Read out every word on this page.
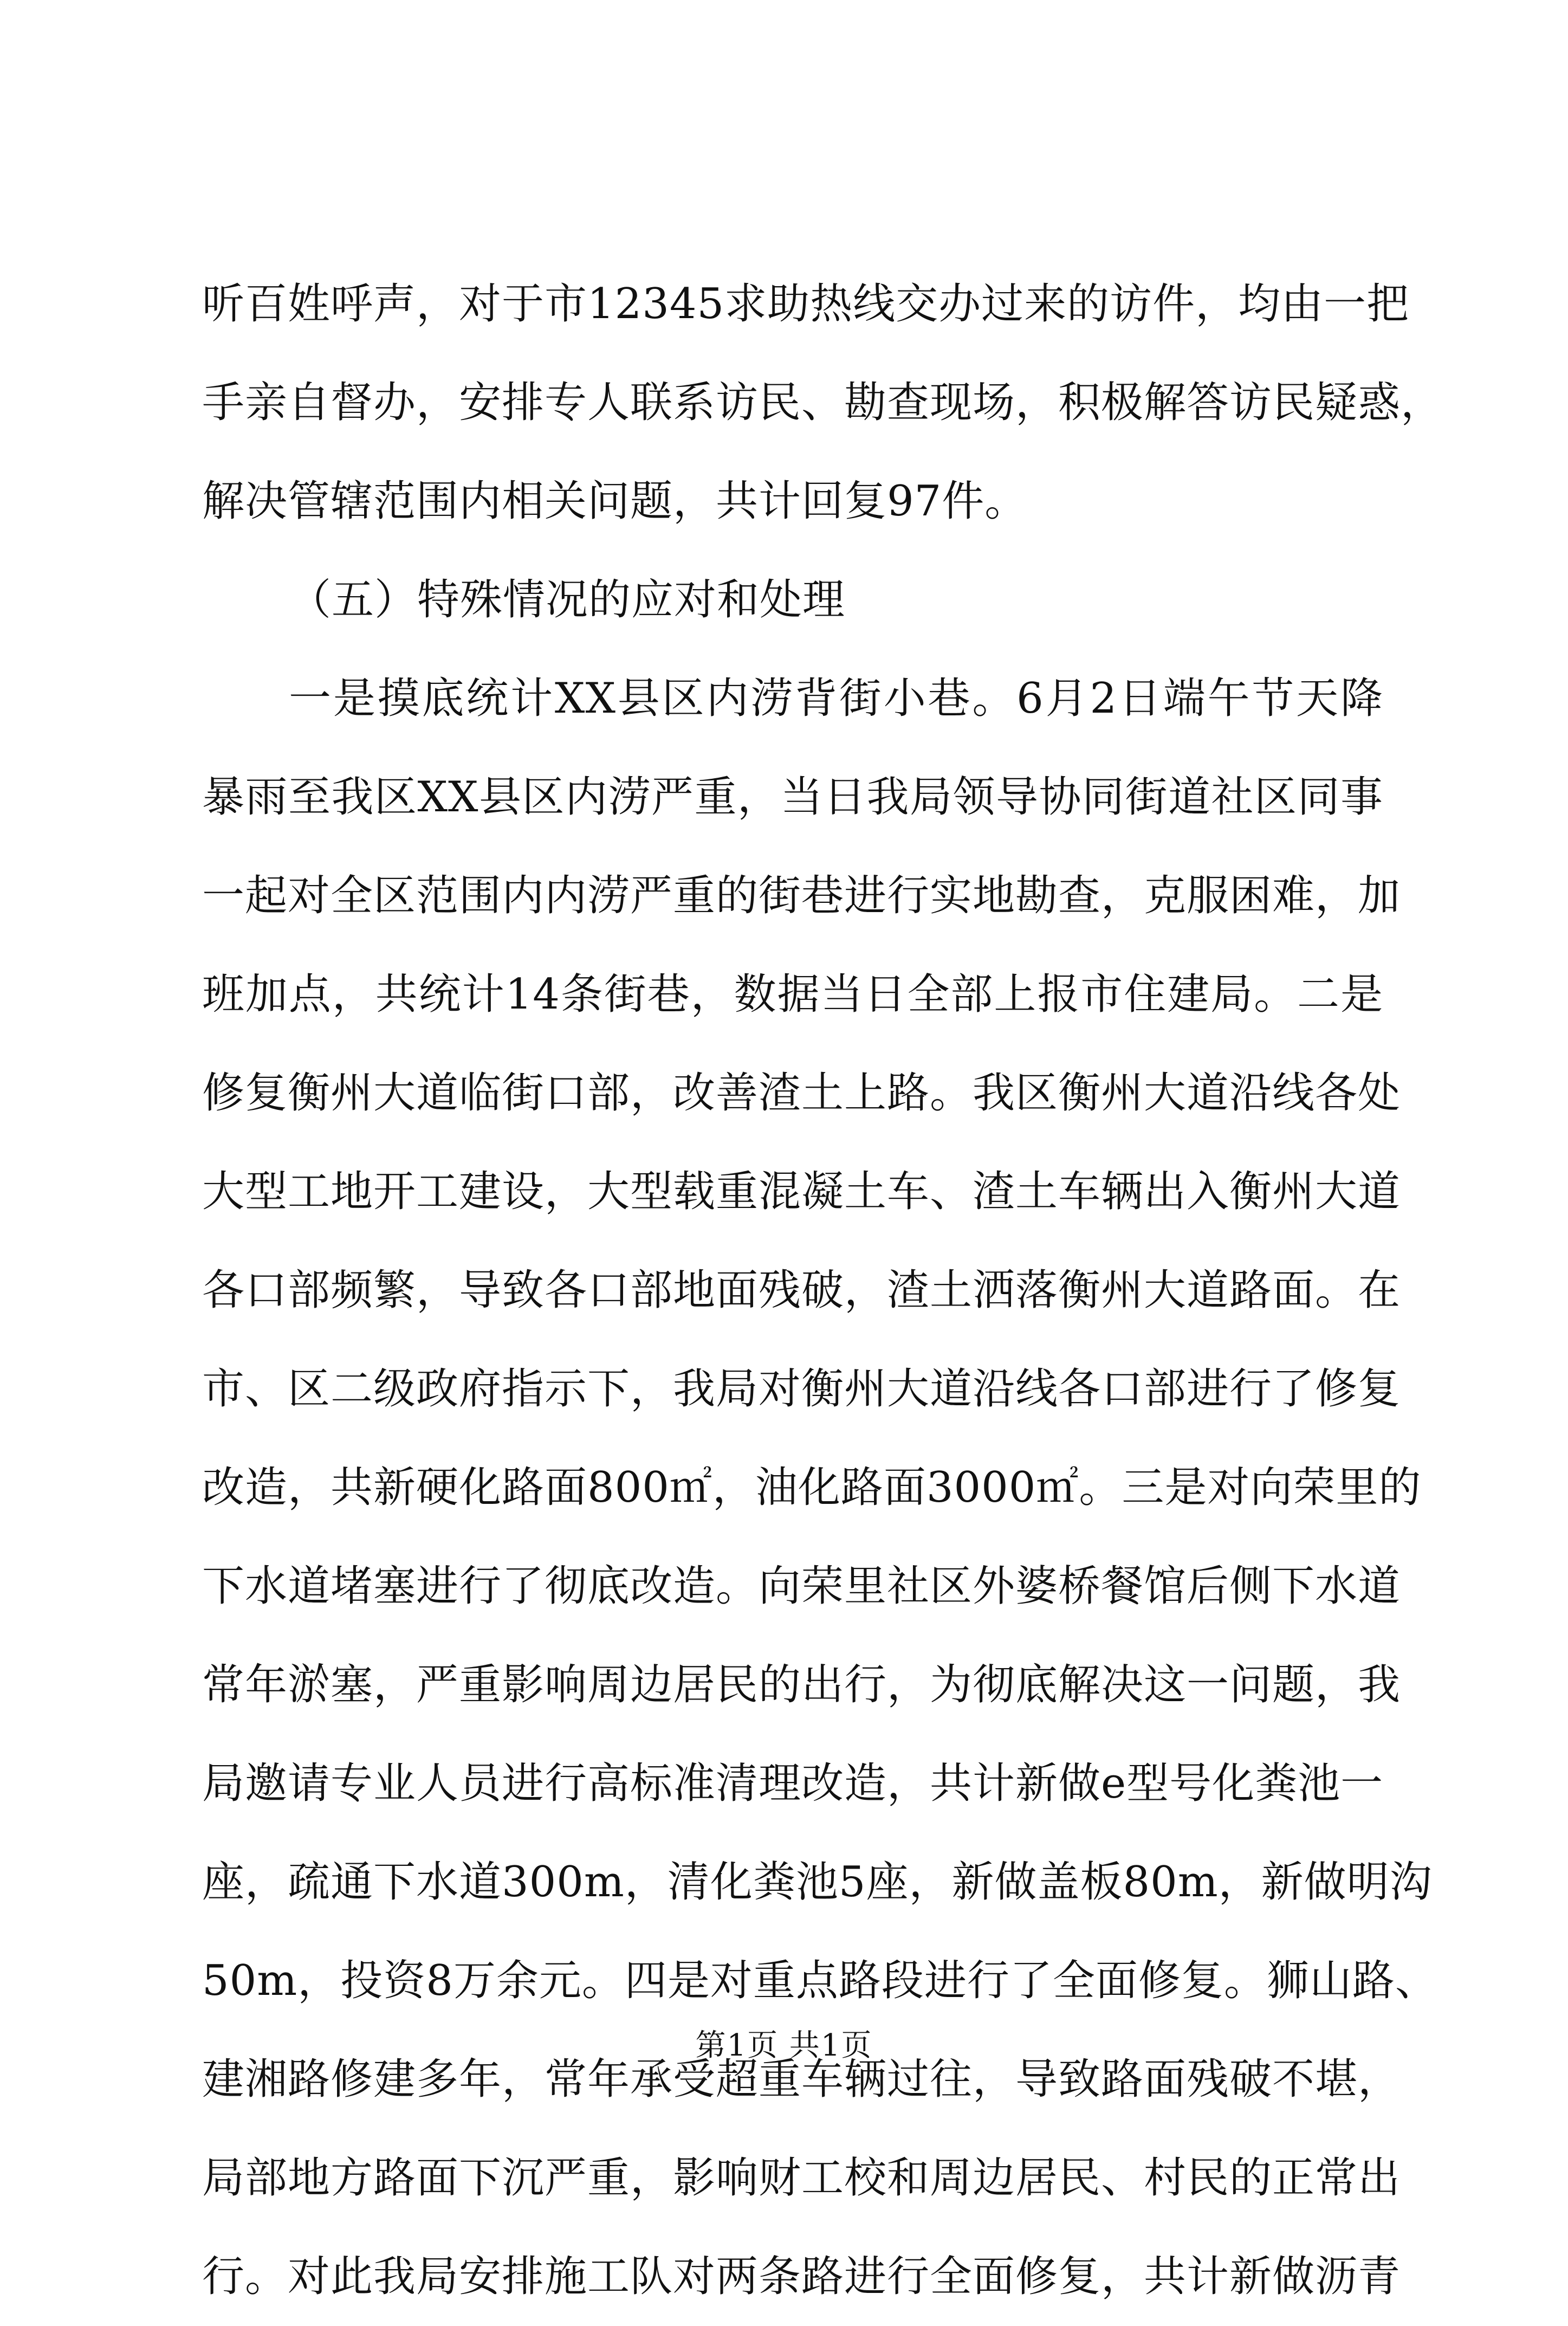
听百姓呼声，对于市12345求助热线交办过来的访件，均由一把
手亲自督办，安排专人联系访民、勘查现场，积极解答访民疑惑，
解决管辖范围内相关问题，共计回复97件。
（五）特殊情况的应对和处理
一是摸底统计XX县区内涝背街小巷。6月2日端午节天降
暴雨至我区XX县区内涝严重，当日我局领导协同街道社区同事
一起对全区范围内内涝严重的街巷进行实地勘查，克服困难，加
班加点，共统计14条街巷，数据当日全部上报市住建局。二是
修复衡州大道临街口部，改善渣土上路。我区衡州大道沿线各处
大型工地开工建设，大型载重混凝土车、渣土车辆出入衡州大道
各口部频繁，导致各口部地面残破，渣土洒落衡州大道路面。在
市、区二级政府指示下，我局对衡州大道沿线各口部进行了修复
改造，共新硬化路面800㎡，油化路面3000㎡。三是对向荣里的
下水道堵塞进行了彻底改造。向荣里社区外婆桥餐馆后侧下水道
常年淤塞，严重影响周边居民的出行，为彻底解决这一问题，我
局邀请专业人员进行高标准清理改造，共计新做e型号化粪池一
座，疏通下水道300m，清化粪池5座，新做盖板80m，新做明沟
50m，投资8万余元。四是对重点路段进行了全面修复。狮山路、
建湘路修建多年，常年承受超重车辆过往，导致路面残破不堪，
局部地方路面下沉严重，影响财工校和周边居民、村民的正常出
行。对此我局安排施工队对两条路进行全面修复，共计新做沥青
第1页 共1页
